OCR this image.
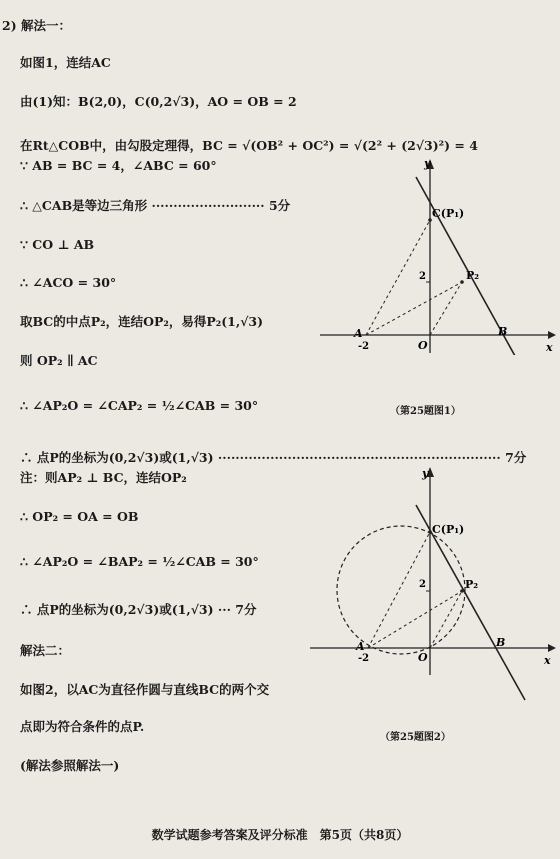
2) 解法一：
如图1，连结AC
由(1)知：B(2,0)，C(0,2√3)，AO = OB = 2
在Rt△COB中，由勾股定理得，BC = √(OB² + OC²) = √(2² + (2√3)²) = 4
∵ AB = BC = 4，∠ABC = 60°
∴ △CAB是等边三角形 ·························· 5分
∵ CO ⊥ AB
∴ ∠ACO = 30°
取BC的中点P₂，连结OP₂，易得P₂(1,√3)
则 OP₂ ∥ AC
∴ ∠AP₂O = ∠CAP₂ = ½∠CAB = 30°
∴ 点P的坐标为(0,2√3)或(1,√3) ································································· 7分
注：则AP₂ ⊥ BC，连结OP₂
∴ OP₂ = OA = OB
∴ ∠AP₂O = ∠BAP₂ = ½∠CAB = 30°
∴ 点P的坐标为(0,2√3)或(1,√3) ··· 7分
解法二：
如图2，以AC为直径作圆与直线BC的两个交
点即为符合条件的点P.
(解法参照解法一)
y
x
C(P₁)
P₂
A	B
O
2
-2
（第25题图1）
y
x
C(P₁)
P₂
A	B
O
2
-2
（第25题图2）
数学试题参考答案及评分标准　第5页（共8页）
